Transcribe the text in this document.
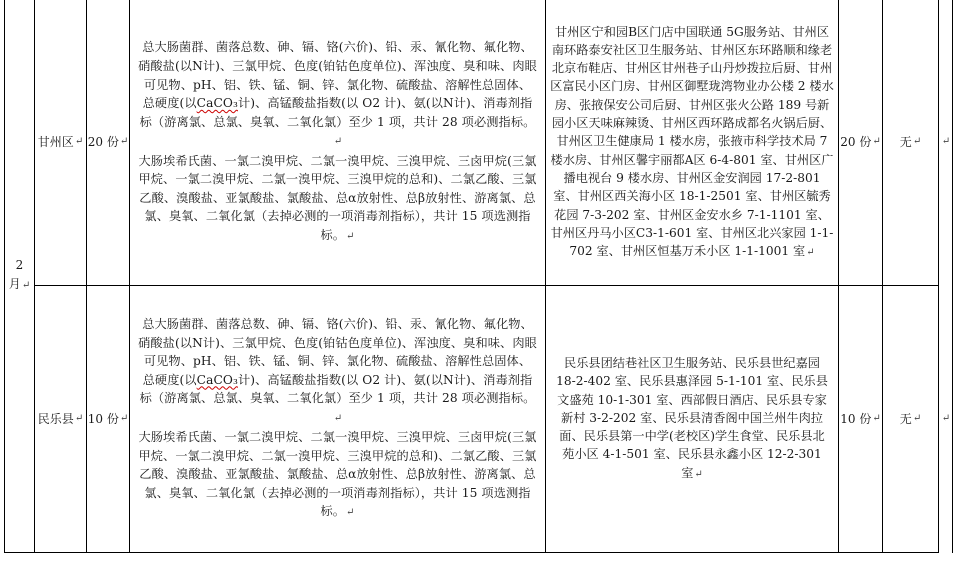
2
月↵
甘州区 ↵ 20 份 ↵
总大肠菌群、菌落总数、砷、镉、铬(六价)、铅、汞、氰化物、氟化物、硝酸盐(以N计)、三氯甲烷、色度(铂钴色度单位)、浑浊度、臭和味、肉眼可见物、pH、铝、铁、锰、铜、锌、氯化物、硫酸盐、溶解性总固体、总硬度(以CaCO₃计)、高锰酸盐指数(以 O2 计)、氨(以N计)、消毒剂指标（游离氯、总氯、臭氧、二氧化氯）至少 1 项，共计 28 项必测指标。↵
大肠埃希氏菌、一氯二溴甲烷、二氯一溴甲烷、三溴甲烷、三卤甲烷(三氯甲烷、一氯二溴甲烷、二氯一溴甲烷、三溴甲烷的总和)、二氯乙酸、三氯乙酸、溴酸盐、亚氯酸盐、氯酸盐、总α放射性、总β放射性、游离氯、总氯、臭氧、二氧化氯（去掉必测的一项消毒剂指标），共计 15 项选测指标。↵
甘州区宁和园B区门店中国联通 5G服务站、甘州区南环路泰安社区卫生服务站、甘州区东环路顺和缘老北京布鞋店、甘州区甘州巷子山丹炒拨拉后厨、甘州区富民小区门房、甘州区御墅珑湾物业办公楼 2 楼水房、张掖保安公司后厨、甘州区张火公路 189 号新园小区天味麻辣烫、甘州区西环路成都名火锅后厨、甘州区卫生健康局 1 楼水房，张掖市科学技术局 7 楼水房、甘州区馨宇丽都A区 6-4-801 室、甘州区广播电视台 9 楼水房、甘州区金安润园 17-2-801 室、甘州区西关海小区 18-1-2501 室、甘州区毓秀花园 7-3-202 室、甘州区金安水乡 7-1-1101 室、甘州区丹马小区C3-1-601 室、甘州区北兴家园 1-1-702 室、甘州区恒基万禾小区 1-1-1001 室↵
20 份 ↵ 无 ↵ ↵
民乐县 ↵ 10 份 ↵
总大肠菌群、菌落总数、砷、镉、铬(六价)、铅、汞、氰化物、氟化物、硝酸盐(以N计)、三氯甲烷、色度(铂钴色度单位)、浑浊度、臭和味、肉眼可见物、pH、铝、铁、锰、铜、锌、氯化物、硫酸盐、溶解性总固体、总硬度(以CaCO₃计)、高锰酸盐指数(以 O2 计)、氨(以N计)、消毒剂指标（游离氯、总氯、臭氧、二氧化氯）至少 1 项，共计 28 项必测指标。↵
大肠埃希氏菌、一氯二溴甲烷、二氯一溴甲烷、三溴甲烷、三卤甲烷(三氯甲烷、一氯二溴甲烷、二氯一溴甲烷、三溴甲烷的总和)、二氯乙酸、三氯乙酸、溴酸盐、亚氯酸盐、氯酸盐、总α放射性、总β放射性、游离氯、总氯、臭氧、二氧化氯（去掉必测的一项消毒剂指标），共计 15 项选测指标。↵
民乐县团结巷社区卫生服务站、民乐县世纪嘉园 18-2-402 室、民乐县惠泽园 5-1-101 室、民乐县文盛苑 10-1-301 室、西部假日酒店、民乐县专家新村 3-2-202 室、民乐县清香阁中国兰州牛肉拉面、民乐县第一中学(老校区)学生食堂、民乐县北苑小区 4-1-501 室、民乐县永鑫小区 12-2-301 室↵
10 份 ↵ 无 ↵ ↵
